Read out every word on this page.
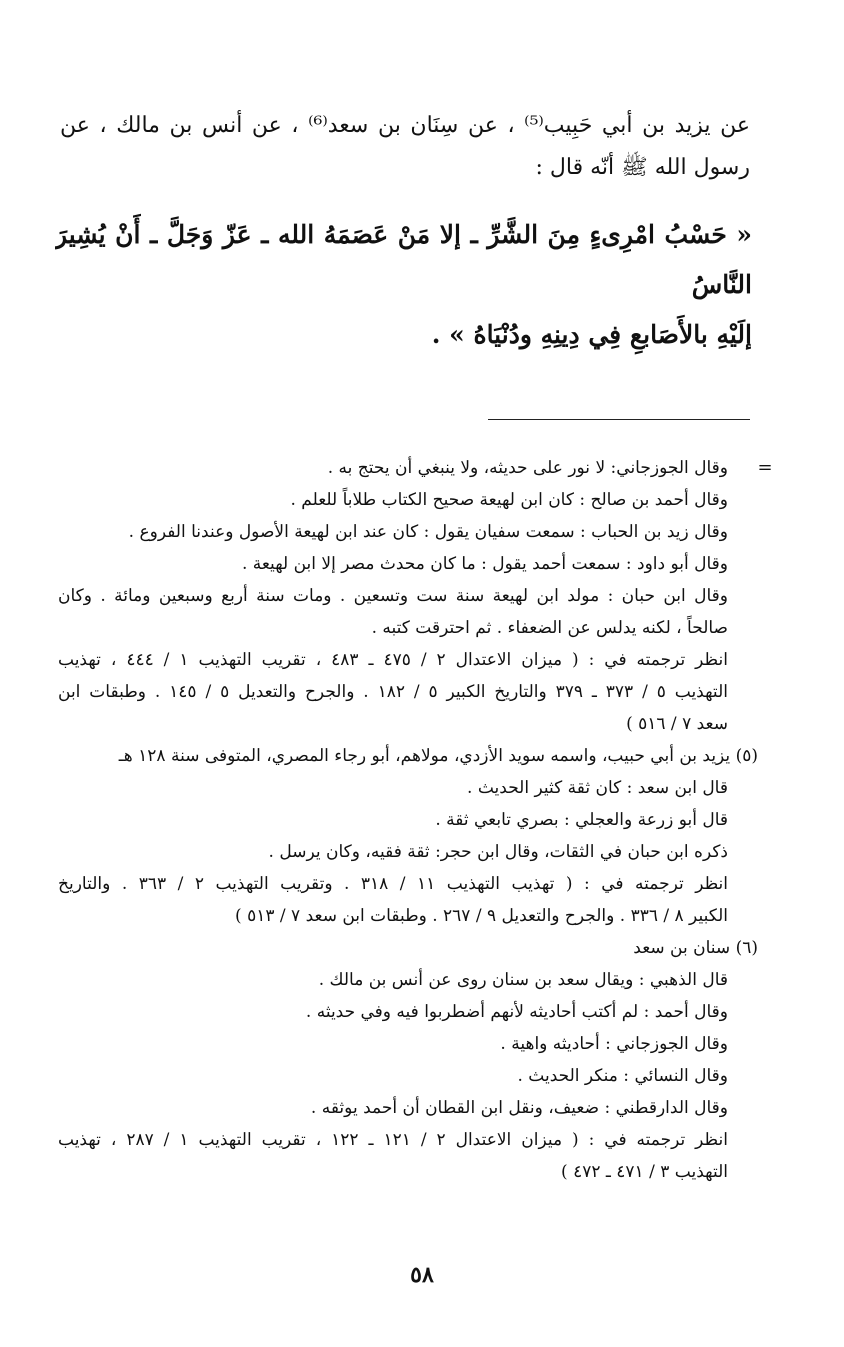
عن يزيد بن أبي حَبِيب⁽⁵⁾ ، عن سِنَان بن سعد⁽⁶⁾ ، عن أنس بن مالك ، عن
رسول الله ﷺ أنّه قال :
« حَسْبُ امْرِىءٍ مِنَ الشَّرِّ ـ إلا مَنْ عَصَمَهُ الله ـ عَزّ وَجَلَّ ـ أَنْ يُشِيرَ النَّاسُ
إلَيْهِ بالأَصَابعِ فِي دِينِهِ ودُنْيَاهُ » .
=
وقال الجوزجاني: لا نور على حديثه، ولا ينبغي أن يحتج به .
وقال أحمد بن صالح : كان ابن لهيعة صحيح الكتاب طلاباً للعلم .
وقال زيد بن الحباب : سمعت سفيان يقول : كان عند ابن لهيعة الأصول وعندنا الفروع .
وقال أبو داود : سمعت أحمد يقول : ما كان محدث مصر إلا ابن لهيعة .
وقال ابن حبان : مولد ابن لهيعة سنة ست وتسعين . ومات سنة أربع وسبعين ومائة . وكان
صالحاً ، لكنه يدلس عن الضعفاء . ثم احترقت كتبه .
انظر ترجمته في : ( ميزان الاعتدال ٢ / ٤٧٥ ـ ٤٨٣ ، تقريب التهذيب ١ / ٤٤٤ ، تهذيب
التهذيب ٥ / ٣٧٣ ـ ٣٧٩ والتاريخ الكبير ٥ / ١٨٢ . والجرح والتعديل ٥ / ١٤٥ . وطبقات ابن
سعد ٧ / ٥١٦ )
(٥) يزيد بن أبي حبيب، واسمه سويد الأزدي، مولاهم، أبو رجاء المصري، المتوفى سنة ١٢٨ هـ
قال ابن سعد : كان ثقة كثير الحديث .
قال أبو زرعة والعجلي : بصري تابعي ثقة .
ذكره ابن حبان في الثقات، وقال ابن حجر: ثقة فقيه، وكان يرسل .
انظر ترجمته في : ( تهذيب التهذيب ١١ / ٣١٨ . وتقريب التهذيب ٢ / ٣٦٣ . والتاريخ
الكبير ٨ / ٣٣٦ . والجرح والتعديل ٩ / ٢٦٧ . وطبقات ابن سعد ٧ / ٥١٣ )
(٦) سنان بن سعد
قال الذهبي : ويقال سعد بن سنان روى عن أنس بن مالك .
وقال أحمد : لم أكتب أحاديثه لأنهم أضطربوا فيه وفي حديثه .
وقال الجوزجاني : أحاديثه واهية .
وقال النسائي : منكر الحديث .
وقال الدارقطني : ضعيف، ونقل ابن القطان أن أحمد يوثقه .
انظر ترجمته في : ( ميزان الاعتدال ٢ / ١٢١ ـ ١٢٢ ، تقريب التهذيب ١ / ٢٨٧ ، تهذيب
التهذيب ٣ / ٤٧١ ـ ٤٧٢ )
٥٨
